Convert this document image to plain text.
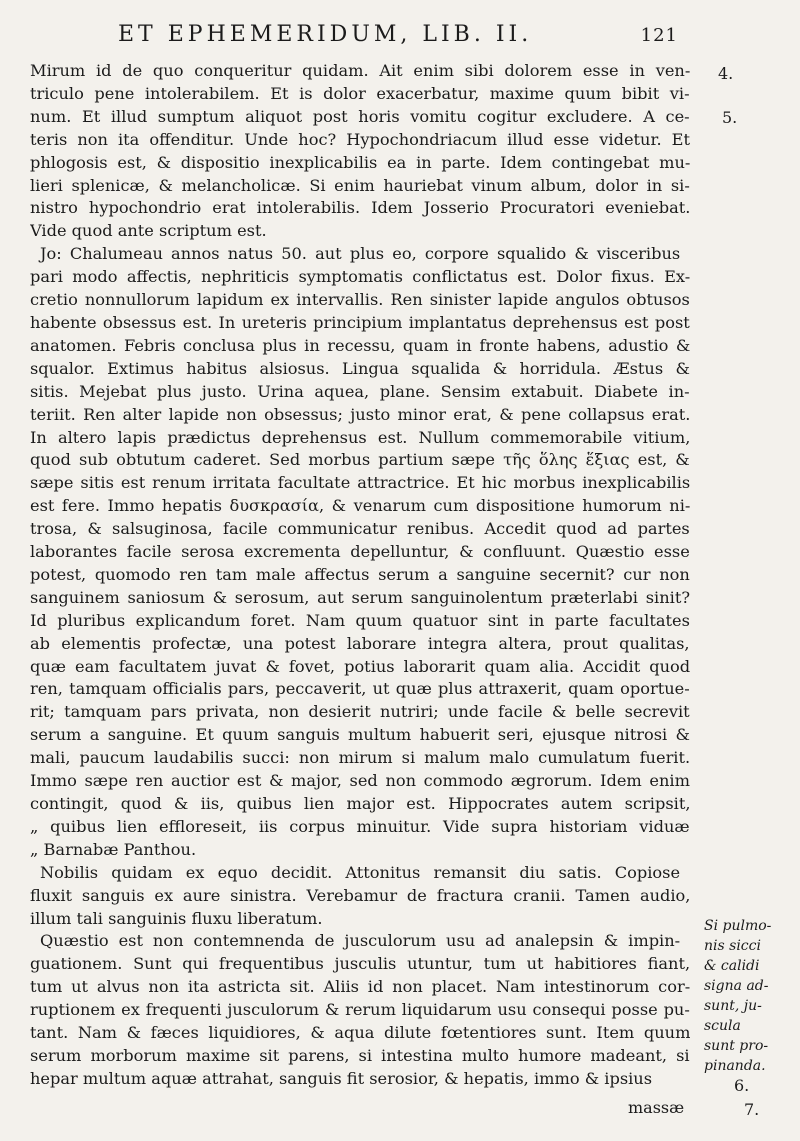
ET EPHEMERIDUM, LIB. II.	121
Mirum id de quo conqueritur quidam. Ait enim sibi dolorem esse in ven-
triculo pene intolerabilem. Et is dolor exacerbatur, maxime quum bibit vi-
num. Et illud sumptum aliquot post horis vomitu cogitur excludere. A ce-
teris non ita offenditur. Unde hoc? Hypochondriacum illud esse videtur. Et
phlogosis est, & dispositio inexplicabilis ea in parte. Idem contingebat mu-
lieri splenicæ, & melancholicæ. Si enim hauriebat vinum album, dolor in si-
nistro hypochondrio erat intolerabilis. Idem Josserio Procuratori eveniebat.
Vide quod ante scriptum est.
Jo: Chalumeau annos natus 50. aut plus eo, corpore squalido & visceribus
pari modo affectis, nephriticis symptomatis conflictatus est. Dolor fixus. Ex-
cretio nonnullorum lapidum ex intervallis. Ren sinister lapide angulos obtusos
habente obsessus est. In ureteris principium implantatus deprehensus est post
anatomen. Febris conclusa plus in recessu, quam in fronte habens, adustio &
squalor. Extimus habitus alsiosus. Lingua squalida & horridula. Æstus &
sitis. Mejebat plus justo. Urina aquea, plane. Sensim extabuit. Diabete in-
teriit. Ren alter lapide non obsessus; justo minor erat, & pene collapsus erat.
In altero lapis prædictus deprehensus est. Nullum commemorabile vitium,
quod sub obtutum caderet. Sed morbus partium sæpe τῆς ὅλης ἕξιας est, &
sæpe sitis est renum irritata facultate attractrice. Et hic morbus inexplicabilis
est fere. Immo hepatis δυσκρασία, & venarum cum dispositione humorum ni-
trosa, & salsuginosa, facile communicatur renibus. Accedit quod ad partes
laborantes facile serosa excrementa depelluntur, & confluunt. Quæstio esse
potest, quomodo ren tam male affectus serum a sanguine secernit? cur non
sanguinem saniosum & serosum, aut serum sanguinolentum præterlabi sinit?
Id pluribus explicandum foret. Nam quum quatuor sint in parte facultates
ab elementis profectæ, una potest laborare integra altera, prout qualitas,
quæ eam facultatem juvat & fovet, potius laborarit quam alia. Accidit quod
ren, tamquam officialis pars, peccaverit, ut quæ plus attraxerit, quam oportue-
rit; tamquam pars privata, non desierit nutriri; unde facile & belle secrevit
serum a sanguine. Et quum sanguis multum habuerit seri, ejusque nitrosi &
mali, paucum laudabilis succi: non mirum si malum malo cumulatum fuerit.
Immo sæpe ren auctior est & major, sed non commodo ægrorum. Idem enim
contingit, quod & iis, quibus lien major est. Hippocrates autem scripsit,
„ quibus lien effloreseit, iis corpus minuitur. Vide supra historiam viduæ
„ Barnabæ Panthou.
Nobilis quidam ex equo decidit. Attonitus remansit diu satis. Copiose
fluxit sanguis ex aure sinistra. Verebamur de fractura cranii. Tamen audio,
illum tali sanguinis fluxu liberatum.
Quæstio est non contemnenda de jusculorum usu ad analepsin & impin-
guationem. Sunt qui frequentibus jusculis utuntur, tum ut habitiores fiant,
tum ut alvus non ita astricta sit. Aliis id non placet. Nam intestinorum cor-
ruptionem ex frequenti jusculorum & rerum liquidarum usu consequi posse pu-
tant. Nam & fæces liquidiores, & aqua dilute fœtentiores sunt. Item quum
serum morborum maxime sit parens, si intestina multo humore madeant, si
hepar multum aquæ attrahat, sanguis fit serosior, & hepatis, immo & ipsius
4.
5.
Si pulmo-
nis sicci
& calidi
signa ad-
sunt, ju-
scula
sunt pro-
pinanda.
6.
7.
massæ
